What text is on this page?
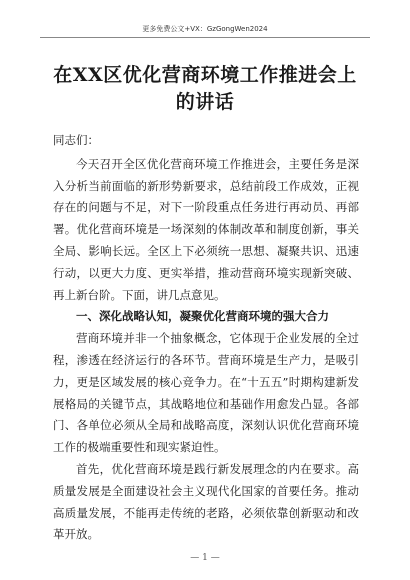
更多免费公文+VX：GzGongWen2024
在XX区优化营商环境工作推进会上的讲话

同志们：

今天召开全区优化营商环境工作推进会，主要任务是深入分析当前面临的新形势新要求，总结前段工作成效，正视存在的问题与不足，对下一阶段重点任务进行再动员、再部署。优化营商环境是一场深刻的体制改革和制度创新，事关全局、影响长远。全区上下必须统一思想、凝聚共识、迅速行动，以更大力度、更实举措，推动营商环境实现新突破、再上新台阶。下面，讲几点意见。

一、深化战略认知，凝聚优化营商环境的强大合力

营商环境并非一个抽象概念，它体现于企业发展的全过程，渗透在经济运行的各环节。营商环境是生产力，是吸引力，更是区域发展的核心竞争力。在“十五五”时期构建新发展格局的关键节点，其战略地位和基础作用愈发凸显。各部门、各单位必须从全局和战略高度，深刻认识优化营商环境工作的极端重要性和现实紧迫性。

首先，优化营商环境是践行新发展理念的内在要求。高质量发展是全面建设社会主义现代化国家的首要任务。推动高质量发展，不能再走传统的老路，必须依靠创新驱动和改革开放。

— 1 —
